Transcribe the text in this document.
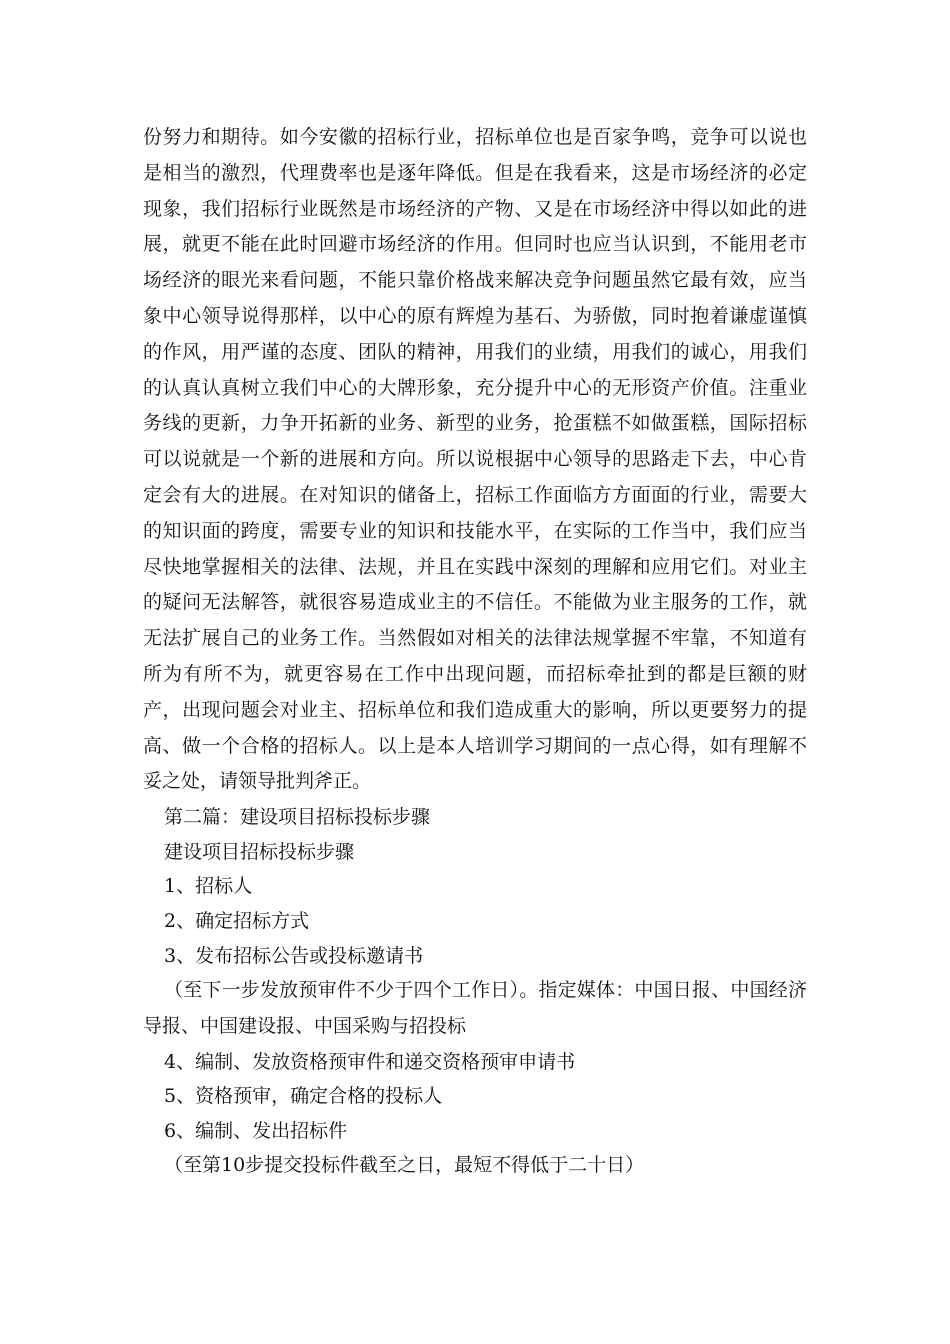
份努力和期待。如今安徽的招标行业，招标单位也是百家争鸣，竞争可以说也是相当的激烈，代理费率也是逐年降低。但是在我看来，这是市场经济的必定现象，我们招标行业既然是市场经济的产物、又是在市场经济中得以如此的进展，就更不能在此时回避市场经济的作用。但同时也应当认识到，不能用老市场经济的眼光来看问题，不能只靠价格战来解决竞争问题虽然它最有效，应当象中心领导说得那样，以中心的原有辉煌为基石、为骄傲，同时抱着谦虚谨慎的作风，用严谨的态度、团队的精神，用我们的业绩，用我们的诚心，用我们的认真认真树立我们中心的大牌形象，充分提升中心的无形资产价值。注重业务线的更新，力争开拓新的业务、新型的业务，抢蛋糕不如做蛋糕，国际招标可以说就是一个新的进展和方向。所以说根据中心领导的思路走下去，中心肯定会有大的进展。在对知识的储备上，招标工作面临方方面面的行业，需要大的知识面的跨度，需要专业的知识和技能水平，在实际的工作当中，我们应当尽快地掌握相关的法律、法规，并且在实践中深刻的理解和应用它们。对业主的疑问无法解答，就很容易造成业主的不信任。不能做为业主服务的工作，就无法扩展自己的业务工作。当然假如对相关的法律法规掌握不牢靠，不知道有所为有所不为，就更容易在工作中出现问题，而招标牵扯到的都是巨额的财产，出现问题会对业主、招标单位和我们造成重大的影响，所以更要努力的提高、做一个合格的招标人。以上是本人培训学习期间的一点心得，如有理解不妥之处，请领导批判斧正。

第二篇：建设项目招标投标步骤

建设项目招标投标步骤

1、招标人

2、确定招标方式

3、发布招标公告或投标邀请书

（至下一步发放预审件不少于四个工作日）。指定媒体：中国日报、中国经济导报、中国建设报、中国采购与招投标

4、编制、发放资格预审件和递交资格预审申请书

5、资格预审，确定合格的投标人

6、编制、发出招标件

（至第10步提交投标件截至之日，最短不得低于二十日）
